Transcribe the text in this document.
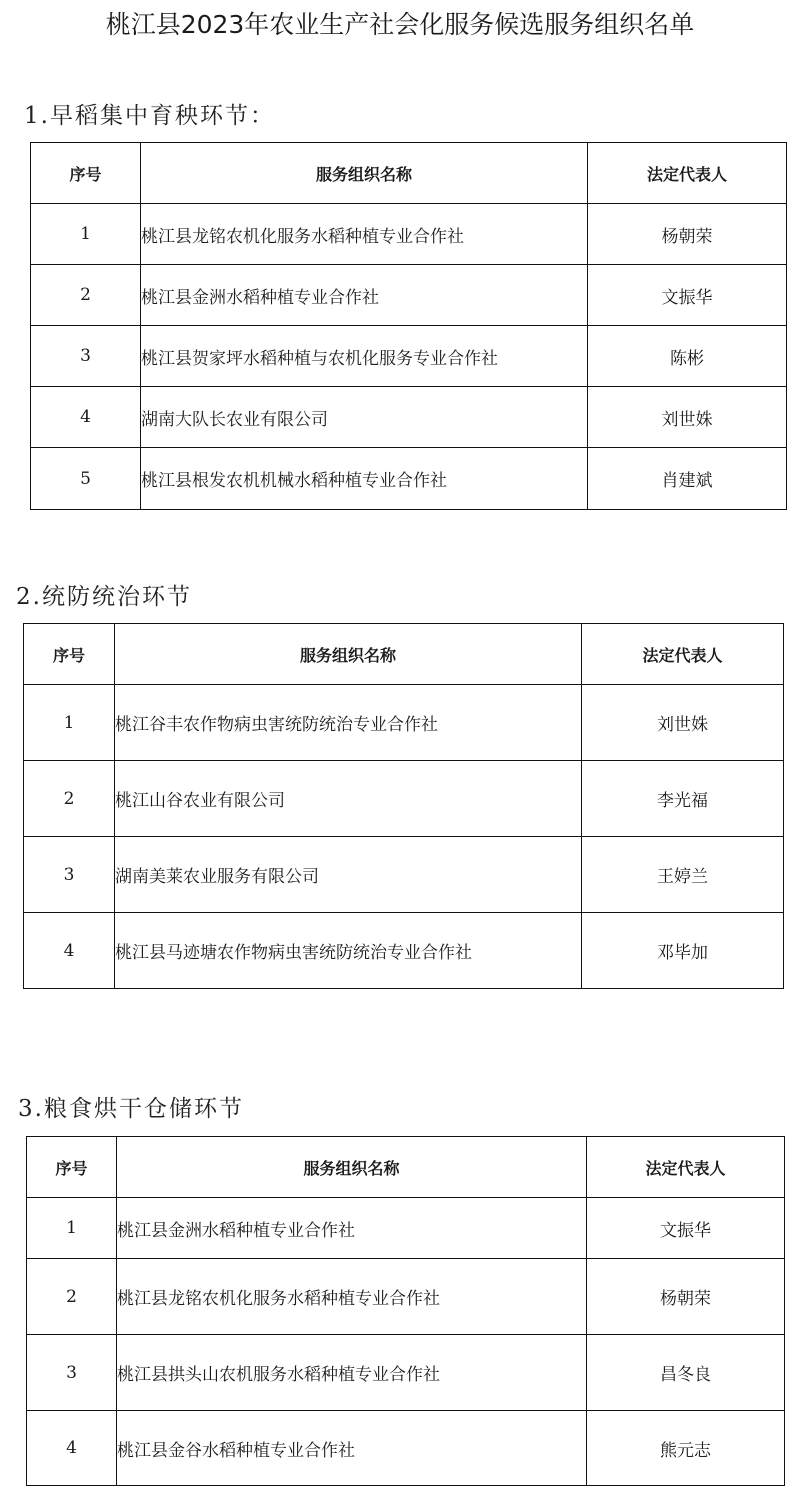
桃江县2023年农业生产社会化服务候选服务组织名单
1.早稻集中育秧环节：
序号	服务组织名称	法定代表人
1	桃江县龙铭农机化服务水稻种植专业合作社	杨朝荣
2	桃江县金洲水稻种植专业合作社	文振华
3	桃江县贺家坪水稻种植与农机化服务专业合作社	陈彬
4	湖南大队长农业有限公司	刘世姝
5	桃江县根发农机机械水稻种植专业合作社	肖建斌
2.统防统治环节
序号	服务组织名称	法定代表人
1	桃江谷丰农作物病虫害统防统治专业合作社	刘世姝
2	桃江山谷农业有限公司	李光福
3	湖南美莱农业服务有限公司	王婷兰
4	桃江县马迹塘农作物病虫害统防统治专业合作社	邓毕加
3.粮食烘干仓储环节
序号	服务组织名称	法定代表人
1	桃江县金洲水稻种植专业合作社	文振华
2	桃江县龙铭农机化服务水稻种植专业合作社	杨朝荣
3	桃江县拱头山农机服务水稻种植专业合作社	昌冬良
4	桃江县金谷水稻种植专业合作社	熊元志
